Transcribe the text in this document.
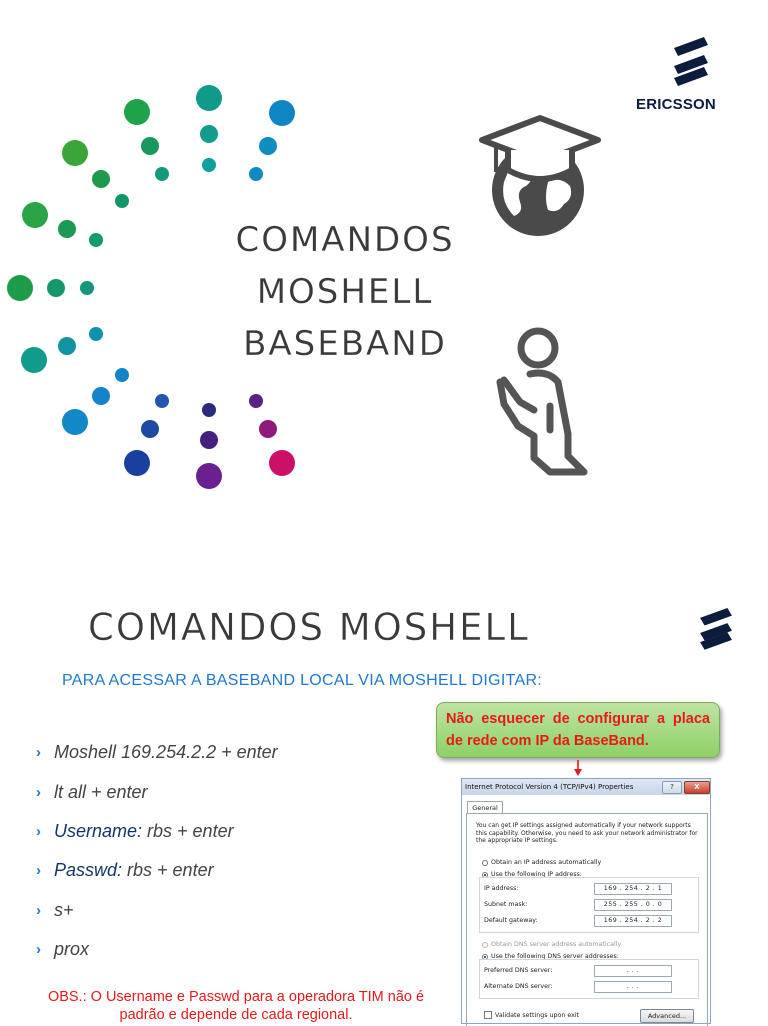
ERICSSON
COMANDOS
MOSHELL
BASEBAND
COMANDOS MOSHELL
PARA ACESSAR A BASEBAND LOCAL VIA MOSHELL DIGITAR:
› Moshell 169.254.2.2 + enter
› lt all + enter
› Username: rbs + enter
› Passwd: rbs + enter
› s+
› prox
OBS.: O Username e Passwd para a operadora TIM não é padrão e depende de cada regional.
Não esquecer de configurar a placa de rede com IP da BaseBand.
Internet Protocol Version 4 (TCP/IPv4) Properties	?	X
General
You can get IP settings assigned automatically if your network supports this capability. Otherwise, you need to ask your network administrator for the appropriate IP settings.
Obtain an IP address automatically
Use the following IP address:
IP address:	169 . 254 . 2 . 1
Subnet mask:	255 . 255 . 0 . 0
Default gateway:	169 . 254 . 2 . 2
Obtain DNS server address automatically
Use the following DNS server addresses:
Preferred DNS server:	. . .
Alternate DNS server:	. . .
Validate settings upon exit	Advanced...
